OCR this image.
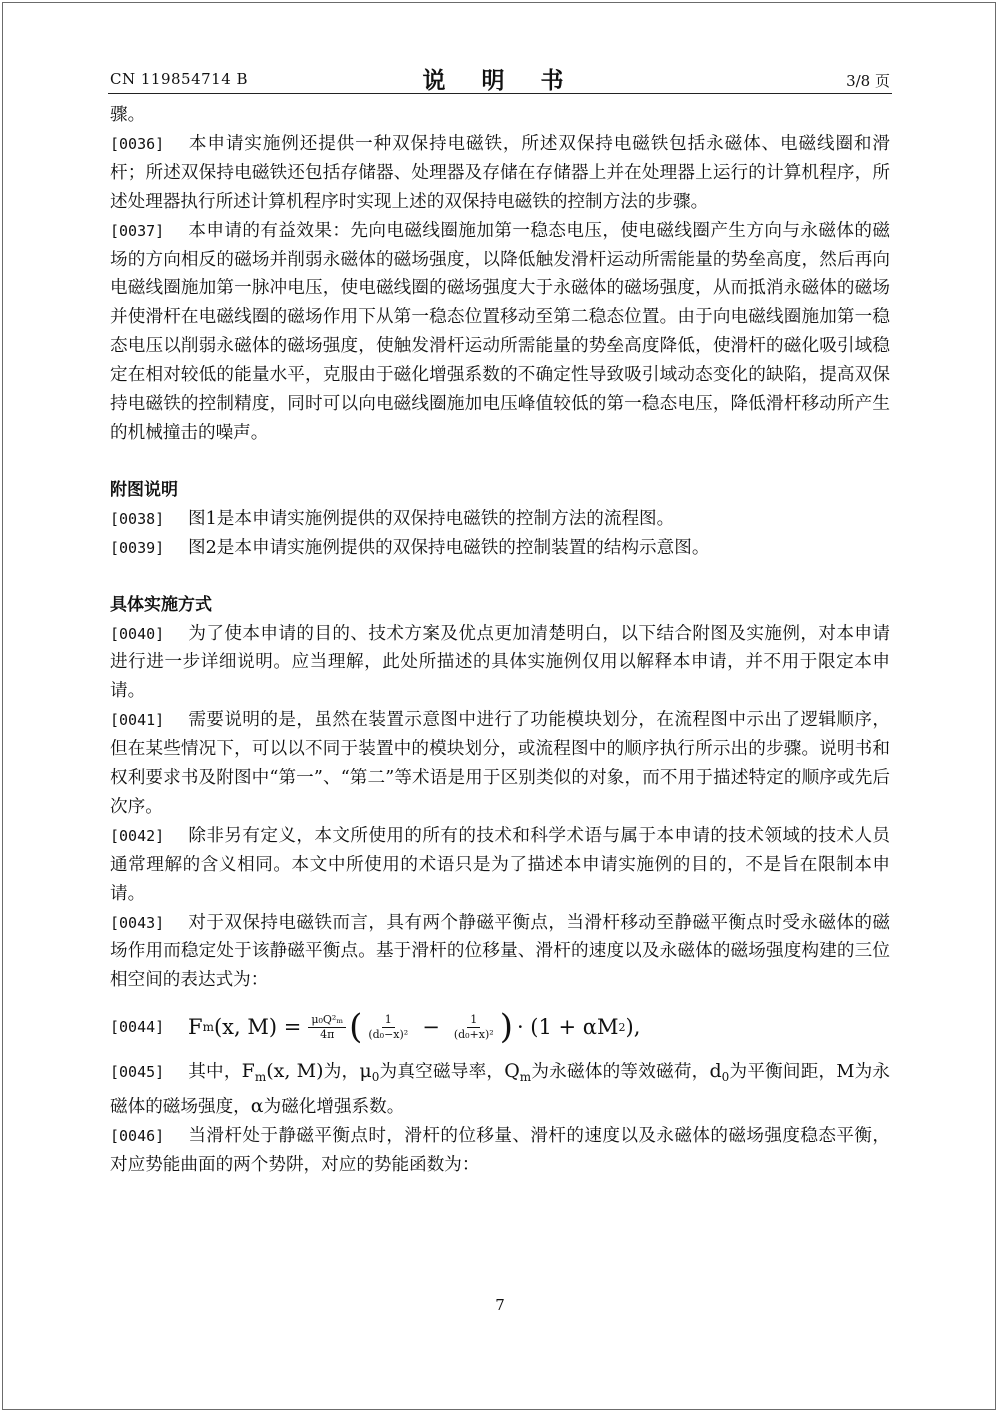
CN 119854714 B	说 明 书	3/8 页

骤。

[0036] 本申请实施例还提供一种双保持电磁铁，所述双保持电磁铁包括永磁体、电磁线圈和滑杆；所述双保持电磁铁还包括存储器、处理器及存储在存储器上并在处理器上运行的计算机程序，所述处理器执行所述计算机程序时实现上述的双保持电磁铁的控制方法的步骤。

[0037] 本申请的有益效果：先向电磁线圈施加第一稳态电压，使电磁线圈产生方向与永磁体的磁场的方向相反的磁场并削弱永磁体的磁场强度，以降低触发滑杆运动所需能量的势垒高度，然后再向电磁线圈施加第一脉冲电压，使电磁线圈的磁场强度大于永磁体的磁场强度，从而抵消永磁体的磁场并使滑杆在电磁线圈的磁场作用下从第一稳态位置移动至第二稳态位置。由于向电磁线圈施加第一稳态电压以削弱永磁体的磁场强度，使触发滑杆运动所需能量的势垒高度降低，使滑杆的磁化吸引域稳定在相对较低的能量水平，克服由于磁化增强系数的不确定性导致吸引域动态变化的缺陷，提高双保持电磁铁的控制精度，同时可以向电磁线圈施加电压峰值较低的第一稳态电压，降低滑杆移动所产生的机械撞击的噪声。

附图说明

[0038] 图1是本申请实施例提供的双保持电磁铁的控制方法的流程图。

[0039] 图2是本申请实施例提供的双保持电磁铁的控制装置的结构示意图。

具体实施方式

[0040] 为了使本申请的目的、技术方案及优点更加清楚明白，以下结合附图及实施例，对本申请进行进一步详细说明。应当理解，此处所描述的具体实施例仅用以解释本申请，并不用于限定本申请。

[0041] 需要说明的是，虽然在装置示意图中进行了功能模块划分，在流程图中示出了逻辑顺序，但在某些情况下，可以以不同于装置中的模块划分，或流程图中的顺序执行所示出的步骤。说明书和权利要求书及附图中“第一”、“第二”等术语是用于区别类似的对象，而不用于描述特定的顺序或先后次序。

[0042] 除非另有定义，本文所使用的所有的技术和科学术语与属于本申请的技术领域的技术人员通常理解的含义相同。本文中所使用的术语只是为了描述本申请实施例的目的，不是旨在限制本申请。

[0043] 对于双保持电磁铁而言，具有两个静磁平衡点，当滑杆移动至静磁平衡点时受永磁体的磁场作用而稳定处于该静磁平衡点。基于滑杆的位移量、滑杆的速度以及永磁体的磁场强度构建的三位相空间的表达式为：

[0044]	F m (x, $M) = \frac{\text{μ₀Q²ₘ}}{4\pi}$ ( $\frac{1}{\text{(d₀−x)²}} - \frac{1}{\text{(d₀+x)²}}$ ) · (1 + αM 2 ),

[0045] 其中，$F_m(x$, M)为，$\mu_0$为真空磁导率，$Q_m$为永磁体的等效磁荷，$d_0$为平衡间距，M为永磁体的磁场强度，α为磁化增强系数。

[0046] 当滑杆处于静磁平衡点时，滑杆的位移量、滑杆的速度以及永磁体的磁场强度稳态平衡，对应势能曲面的两个势阱，对应的势能函数为：

7
